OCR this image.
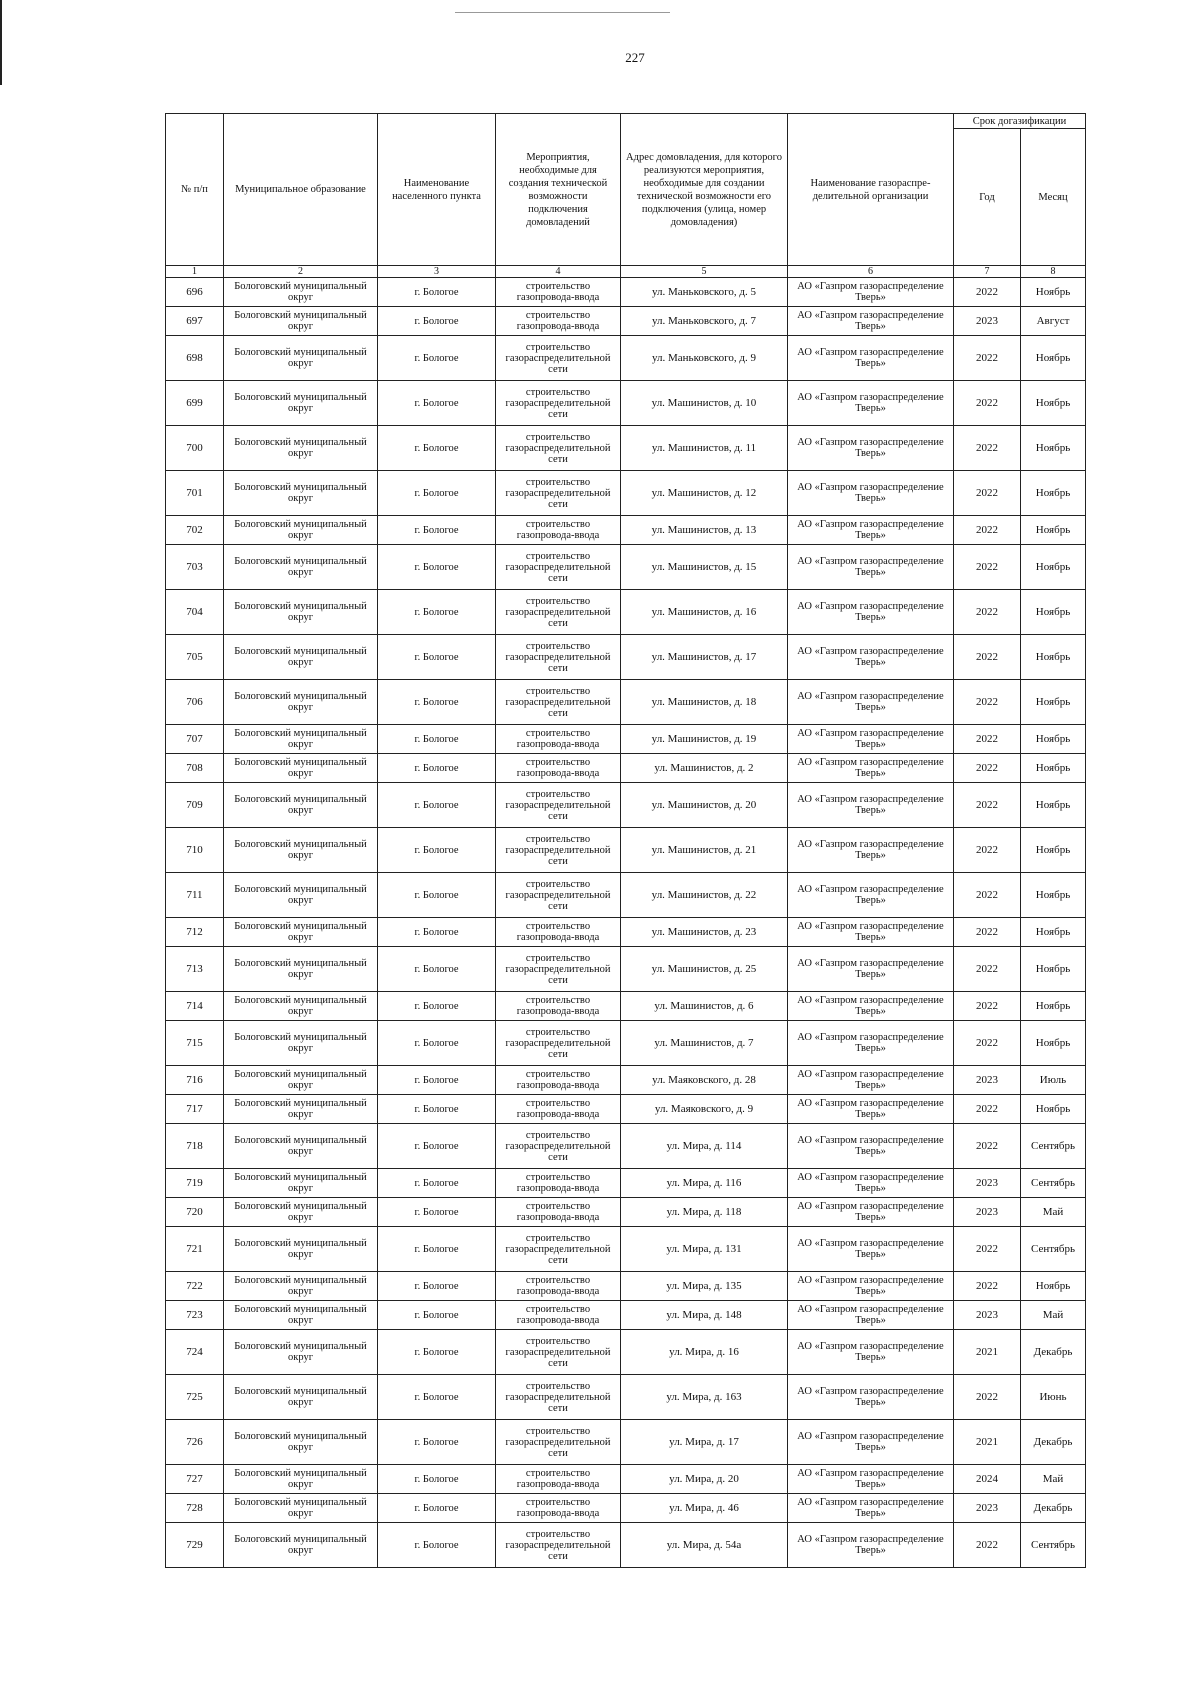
227
№ п/п	Муниципальное образование	Наименование населенного пункта	Мероприятия, необходимые для создания технической возможности подключения домовладений	Адрес домовладения, для которого реализуются мероприятия, необходимые для создании технической возможности его подключения (улица, номер домовладения)	Наименование газораспре-делительной организации	Срок догазификации	
						Год	Месяц
1	2	3	4	5	6	7	8
696	Бологовский муниципальный округ	г. Бологое	строительство газопровода-ввода	ул. Маньковского, д. 5	АО «Газпром газораспределение Тверь»	2022	Ноябрь
697	Бологовский муниципальный округ	г. Бологое	строительство газопровода-ввода	ул. Маньковского, д. 7	АО «Газпром газораспределение Тверь»	2023	Август
698	Бологовский муниципальный округ	г. Бологое	строительство газораспределительной сети	ул. Маньковского, д. 9	АО «Газпром газораспределение Тверь»	2022	Ноябрь
699	Бологовский муниципальный округ	г. Бологое	строительство газораспределительной сети	ул. Машинистов, д. 10	АО «Газпром газораспределение Тверь»	2022	Ноябрь
700	Бологовский муниципальный округ	г. Бологое	строительство газораспределительной сети	ул. Машинистов, д. 11	АО «Газпром газораспределение Тверь»	2022	Ноябрь
701	Бологовский муниципальный округ	г. Бологое	строительство газораспределительной сети	ул. Машинистов, д. 12	АО «Газпром газораспределение Тверь»	2022	Ноябрь
702	Бологовский муниципальный округ	г. Бологое	строительство газопровода-ввода	ул. Машинистов, д. 13	АО «Газпром газораспределение Тверь»	2022	Ноябрь
703	Бологовский муниципальный округ	г. Бологое	строительство газораспределительной сети	ул. Машинистов, д. 15	АО «Газпром газораспределение Тверь»	2022	Ноябрь
704	Бологовский муниципальный округ	г. Бологое	строительство газораспределительной сети	ул. Машинистов, д. 16	АО «Газпром газораспределение Тверь»	2022	Ноябрь
705	Бологовский муниципальный округ	г. Бологое	строительство газораспределительной сети	ул. Машинистов, д. 17	АО «Газпром газораспределение Тверь»	2022	Ноябрь
706	Бологовский муниципальный округ	г. Бологое	строительство газораспределительной сети	ул. Машинистов, д. 18	АО «Газпром газораспределение Тверь»	2022	Ноябрь
707	Бологовский муниципальный округ	г. Бологое	строительство газопровода-ввода	ул. Машинистов, д. 19	АО «Газпром газораспределение Тверь»	2022	Ноябрь
708	Бологовский муниципальный округ	г. Бологое	строительство газопровода-ввода	ул. Машинистов, д. 2	АО «Газпром газораспределение Тверь»	2022	Ноябрь
709	Бологовский муниципальный округ	г. Бологое	строительство газораспределительной сети	ул. Машинистов, д. 20	АО «Газпром газораспределение Тверь»	2022	Ноябрь
710	Бологовский муниципальный округ	г. Бологое	строительство газораспределительной сети	ул. Машинистов, д. 21	АО «Газпром газораспределение Тверь»	2022	Ноябрь
711	Бологовский муниципальный округ	г. Бологое	строительство газораспределительной сети	ул. Машинистов, д. 22	АО «Газпром газораспределение Тверь»	2022	Ноябрь
712	Бологовский муниципальный округ	г. Бологое	строительство газопровода-ввода	ул. Машинистов, д. 23	АО «Газпром газораспределение Тверь»	2022	Ноябрь
713	Бологовский муниципальный округ	г. Бологое	строительство газораспределительной сети	ул. Машинистов, д. 25	АО «Газпром газораспределение Тверь»	2022	Ноябрь
714	Бологовский муниципальный округ	г. Бологое	строительство газопровода-ввода	ул. Машинистов, д. 6	АО «Газпром газораспределение Тверь»	2022	Ноябрь
715	Бологовский муниципальный округ	г. Бологое	строительство газораспределительной сети	ул. Машинистов, д. 7	АО «Газпром газораспределение Тверь»	2022	Ноябрь
716	Бологовский муниципальный округ	г. Бологое	строительство газопровода-ввода	ул. Маяковского, д. 28	АО «Газпром газораспределение Тверь»	2023	Июль
717	Бологовский муниципальный округ	г. Бологое	строительство газопровода-ввода	ул. Маяковского, д. 9	АО «Газпром газораспределение Тверь»	2022	Ноябрь
718	Бологовский муниципальный округ	г. Бологое	строительство газораспределительной сети	ул. Мира, д. 114	АО «Газпром газораспределение Тверь»	2022	Сентябрь
719	Бологовский муниципальный округ	г. Бологое	строительство газопровода-ввода	ул. Мира, д. 116	АО «Газпром газораспределение Тверь»	2023	Сентябрь
720	Бологовский муниципальный округ	г. Бологое	строительство газопровода-ввода	ул. Мира, д. 118	АО «Газпром газораспределение Тверь»	2023	Май
721	Бологовский муниципальный округ	г. Бологое	строительство газораспределительной сети	ул. Мира, д. 131	АО «Газпром газораспределение Тверь»	2022	Сентябрь
722	Бологовский муниципальный округ	г. Бологое	строительство газопровода-ввода	ул. Мира, д. 135	АО «Газпром газораспределение Тверь»	2022	Ноябрь
723	Бологовский муниципальный округ	г. Бологое	строительство газопровода-ввода	ул. Мира, д. 148	АО «Газпром газораспределение Тверь»	2023	Май
724	Бологовский муниципальный округ	г. Бологое	строительство газораспределительной сети	ул. Мира, д. 16	АО «Газпром газораспределение Тверь»	2021	Декабрь
725	Бологовский муниципальный округ	г. Бологое	строительство газораспределительной сети	ул. Мира, д. 163	АО «Газпром газораспределение Тверь»	2022	Июнь
726	Бологовский муниципальный округ	г. Бологое	строительство газораспределительной сети	ул. Мира, д. 17	АО «Газпром газораспределение Тверь»	2021	Декабрь
727	Бологовский муниципальный округ	г. Бологое	строительство газопровода-ввода	ул. Мира, д. 20	АО «Газпром газораспределение Тверь»	2024	Май
728	Бологовский муниципальный округ	г. Бологое	строительство газопровода-ввода	ул. Мира, д. 46	АО «Газпром газораспределение Тверь»	2023	Декабрь
729	Бологовский муниципальный округ	г. Бологое	строительство газораспределительной сети	ул. Мира, д. 54а	АО «Газпром газораспределение Тверь»	2022	Сентябрь
